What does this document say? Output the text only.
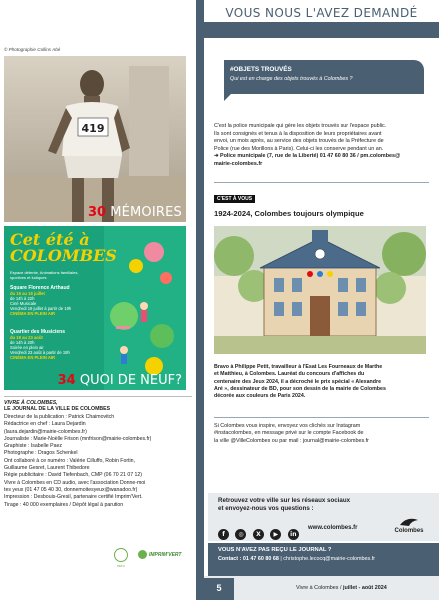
© Photographie Collins Abé
419
30 MÉMOIRES
Cet été à COLOMBES
Espace détente, Animations familiales, sportives et ludiques
Square Florence Arthaud
du 15 au 18 juillet
de 14h à 22h
Ciné Musicale
Vendredi 19 juillet à partir de 19h
CINÉMA EN PLEIN AIR
Quartier des Musiciens
du 19 au 23 août
de 14h à 20h
Soirée en plein air
Vendredi 23 août à partir de 19h
CINÉMA EN PLEIN AIR
34 QUOI DE NEUF?
VIVRE À COLOMBES,
LE JOURNAL DE LA VILLE DE COLOMBES
Directeur de la publication : Patrick Chaimovitch
Rédactrice en chef : Laura Dejardin
(laura.dejardin@mairie-colombes.fr)
Journaliste : Marie-Noëlle Frison (mnfrison@mairie-colombes.fr)
Graphiste : Isabelle Paez
Photographe : Dragos Schenkel
Ont collaboré à ce numéro : Valérie Cilluffo, Robin Fortin,
Guillaume Gesret, Laurent Thibedore
Régie publicitaire : David Tiefenbach, CMP (06 70 21 07 12)
Vivre à Colombes en CD audio, avec l'association Donne-moi
tes yeux (01 47 05 40 30, donnemoitesyeux@wanadoo.fr)
Impression : Desbouis-Gresil, partenaire certifié Imprim'Vert.
Tirage : 40 000 exemplaires / Dépôt légal à parution
PEFC
IMPRIM'VERT
VOUS NOUS L'AVEZ DEMANDÉ
#OBJETS TROUVÉS
Qui est en charge des objets trouvés à Colombes ?
C'est la police municipale qui gère les objets trouvés sur l'espace public.
Ils sont consignés et tenus à la disposition de leurs propriétaires avant
envoi, un mois après, au service des objets trouvés de la Préfecture de
Police (rue des Morillons à Paris). Celui-ci les conserve pendant un an.
➜ Police municipale (7, rue de la Liberté) 01 47 60 80 36 / pm.colombes@
mairie-colombes.fr
C'EST À VOUS
1924-2024, Colombes toujours olympique
Bravo à Philippe Petit, travailleur à l'Esat Les Fourneaux de Marthe
et Matthieu, à Colombes. Lauréat du concours d'affiches du
centenaire des Jeux 2024, il a décroché le prix spécial « Alexandre
Aré », dessinateur de BD, pour son dessin de la mairie de Colombes
décorée aux couleurs de Paris 2024.
Si Colombes vous inspire, envoyez vos clichés sur Instagram
#instacolombes, en message privé sur le compte Facebook de
la ville @VilleColombes ou par mail : journal@mairie-colombes.fr
Retrouvez votre ville sur les réseaux sociaux
et envoyez-nous vos questions :
f ◎ X ▶ in
www.colombes.fr	Colombes
VOUS N'AVEZ PAS REÇU LE JOURNAL ?
Contact : 01 47 60 80 68 | christophe.lecocq@mairie-colombes.fr
5	Vivre à Colombes / juillet - août 2024
